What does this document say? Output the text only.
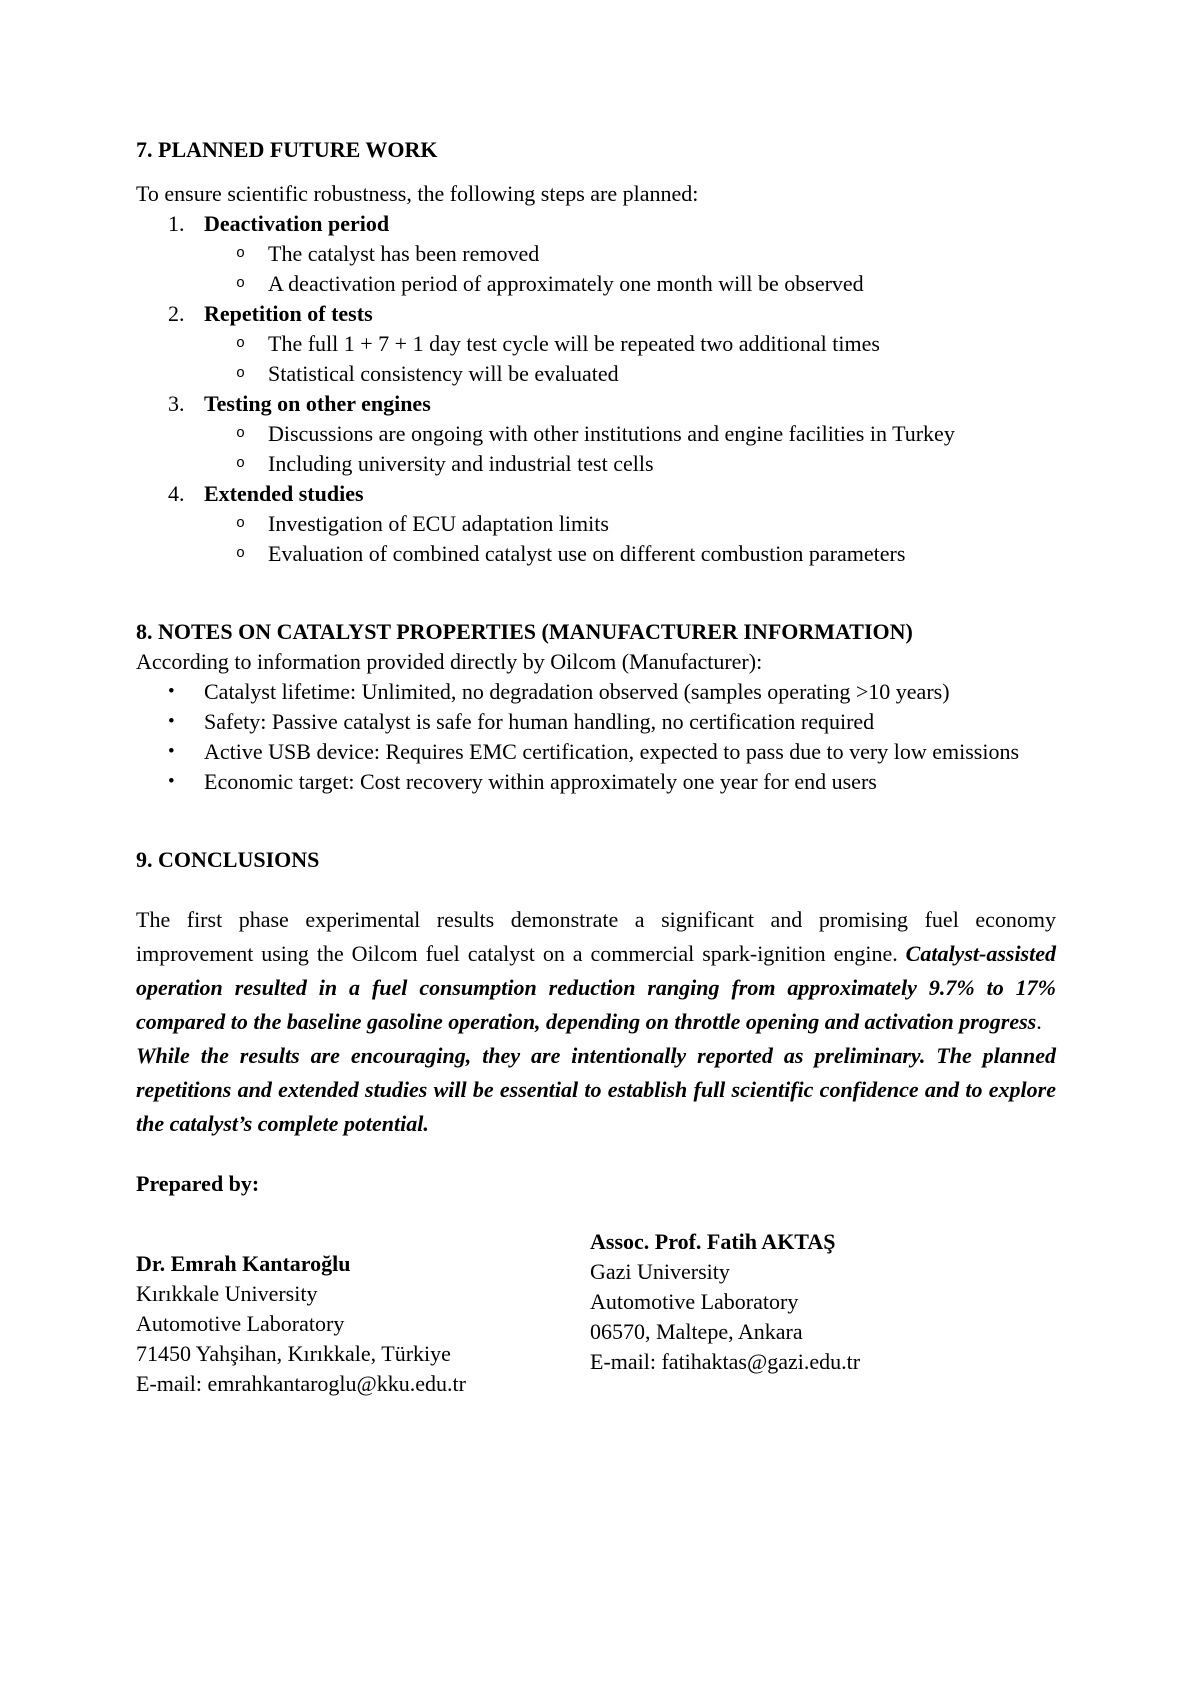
7. PLANNED FUTURE WORK

To ensure scientific robustness, the following steps are planned:

1. Deactivation period
o	The catalyst has been removed
o	A deactivation period of approximately one month will be observed
2. Repetition of tests
o	The full 1 + 7 + 1 day test cycle will be repeated two additional times
o	Statistical consistency will be evaluated
3. Testing on other engines
o	Discussions are ongoing with other institutions and engine facilities in Turkey
o	Including university and industrial test cells
4. Extended studies
o	Investigation of ECU adaptation limits
o	Evaluation of combined catalyst use on different combustion parameters
8. NOTES ON CATALYST PROPERTIES (MANUFACTURER INFORMATION)

According to information provided directly by Oilcom (Manufacturer):

•	Catalyst lifetime: Unlimited, no degradation observed (samples operating >10 years)
•	Safety: Passive catalyst is safe for human handling, no certification required
•	Active USB device: Requires EMC certification, expected to pass due to very low emissions
•	Economic target: Cost recovery within approximately one year for end users
9. CONCLUSIONS

The first phase experimental results demonstrate a significant and promising fuel economy improvement using the Oilcom fuel catalyst on a commercial spark-ignition engine. Catalyst-assisted operation resulted in a fuel consumption reduction ranging from approximately 9.7% to 17% compared to the baseline gasoline operation, depending on throttle opening and activation progress.

While the results are encouraging, they are intentionally reported as preliminary. The planned repetitions and extended studies will be essential to establish full scientific confidence and to explore the catalyst’s complete potential.

Prepared by:

Dr. Emrah Kantaroğlu

Kırıkkale University

Automotive Laboratory

71450 Yahşihan, Kırıkkale, Türkiye

E-mail: emrahkantaroglu@kku.edu.tr

Assoc. Prof. Fatih AKTAŞ

Gazi University

Automotive Laboratory

06570, Maltepe, Ankara

E-mail: fatihaktas@gazi.edu.tr
